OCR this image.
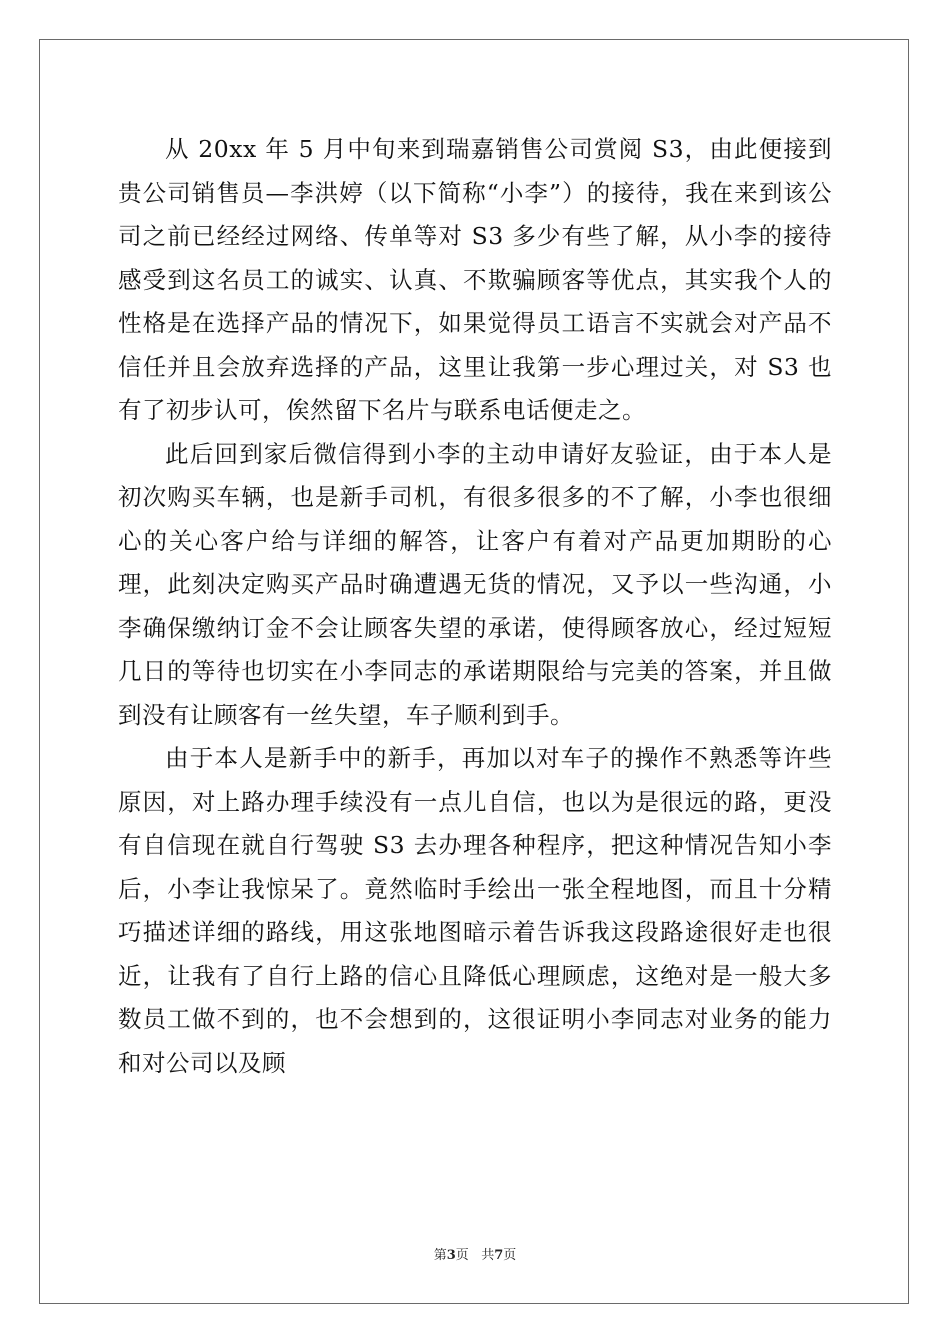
从 20xx 年 5 月中旬来到瑞嘉销售公司赏阅 S3，由此便接到贵公司销售员—李洪婷（以下简称“小李”）的接待，我在来到该公司之前已经经过网络、传单等对 S3 多少有些了解，从小李的接待感受到这名员工的诚实、认真、不欺骗顾客等优点，其实我个人的性格是在选择产品的情况下，如果觉得员工语言不实就会对产品不信任并且会放弃选择的产品，这里让我第一步心理过关，对 S3 也有了初步认可，俟然留下名片与联系电话便走之。

此后回到家后微信得到小李的主动申请好友验证，由于本人是初次购买车辆，也是新手司机，有很多很多的不了解，小李也很细心的关心客户给与详细的解答，让客户有着对产品更加期盼的心理，此刻决定购买产品时确遭遇无货的情况，又予以一些沟通，小李确保缴纳订金不会让顾客失望的承诺，使得顾客放心，经过短短几日的等待也切实在小李同志的承诺期限给与完美的答案，并且做到没有让顾客有一丝失望，车子顺利到手。

由于本人是新手中的新手，再加以对车子的操作不熟悉等许些原因，对上路办理手续没有一点儿自信，也以为是很远的路，更没有自信现在就自行驾驶 S3 去办理各种程序，把这种情况告知小李后，小李让我惊呆了。竟然临时手绘出一张全程地图，而且十分精巧描述详细的路线，用这张地图暗示着告诉我这段路途很好走也很近，让我有了自行上路的信心且降低心理顾虑，这绝对是一般大多数员工做不到的，也不会想到的，这很证明小李同志对业务的能力和对公司以及顾

第3页 共7页
